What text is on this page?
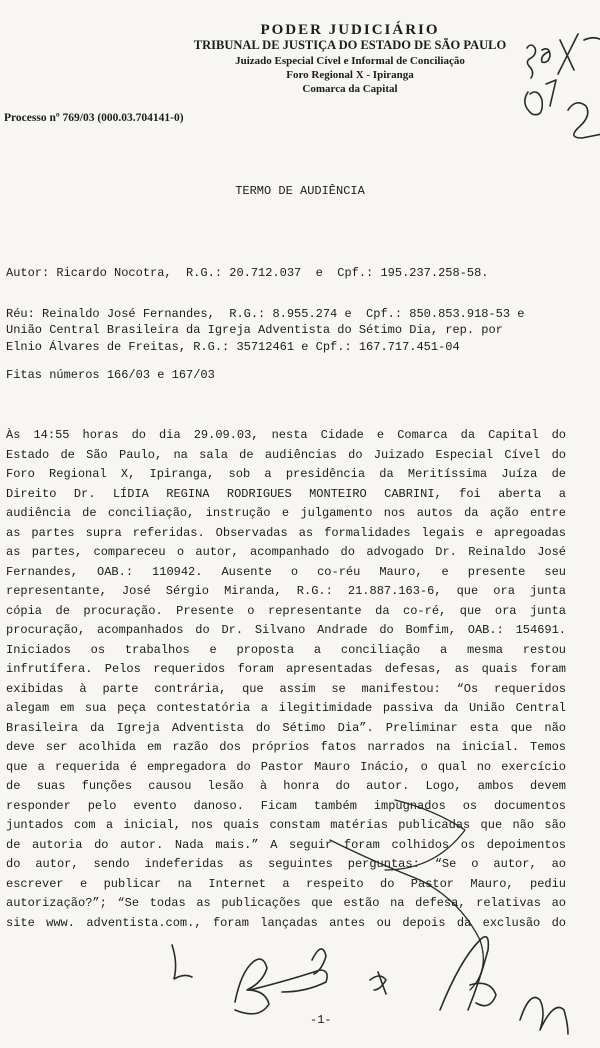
PODER JUDICIÁRIO
TRIBUNAL DE JUSTIÇA DO ESTADO DE SÃO PAULO
Juizado Especial Cível e Informal de Conciliação
Foro Regional X - Ipiranga
Comarca da Capital
Processo nº 769/03 (000.03.704141-0)
TERMO DE AUDIÊNCIA
Autor: Ricardo Nocotra,  R.G.: 20.712.037  e  Cpf.: 195.237.258-58.
Réu: Reinaldo José Fernandes,  R.G.: 8.955.274 e  Cpf.: 850.853.918-53 e
União Central Brasileira da Igreja Adventista do Sétimo Dia, rep. por
Elnio Álvares de Freitas, R.G.: 35712461 e Cpf.: 167.717.451-04
Fitas números 166/03 e 167/03
Às 14:55 horas do dia 29.09.03, nesta Cidade e Comarca da Capital do
Estado de São Paulo, na sala de audiências do Juizado Especial Cível do
Foro Regional X, Ipiranga, sob a presidência da Meritíssima Juíza de
Direito Dr. LÍDIA REGINA RODRIGUES MONTEIRO CABRINI, foi aberta a
audiência de conciliação, instrução e julgamento nos autos da ação entre
as partes supra referidas. Observadas as formalidades legais e apregoadas
as partes, compareceu o autor, acompanhado do advogado Dr. Reinaldo José
Fernandes, OAB.: 110942. Ausente o co-réu Mauro, e presente seu
representante, José Sérgio Miranda, R.G.: 21.887.163-6, que ora junta
cópia de procuração. Presente o representante da co-ré, que ora junta
procuração, acompanhados do Dr. Silvano Andrade do Bomfim, OAB.: 154691.
Iniciados os trabalhos e proposta a conciliação a mesma restou
infrutífera. Pelos requeridos foram apresentadas defesas, as quais foram
exibidas à parte contrária, que assim se manifestou: “Os requeridos
alegam em sua peça contestatória a ilegitimidade passiva da União Central
Brasileira da Igreja Adventista do Sétimo Dia”. Preliminar esta que não
deve ser acolhida em razão dos próprios fatos narrados na inicial. Temos
que a requerida é empregadora do Pastor Mauro Inácio, o qual no exercício
de suas funções causou lesão à honra do autor. Logo, ambos devem
responder pelo evento danoso. Ficam também impugnados os documentos
juntados com a inicial, nos quais constam matérias publicadas que não são
de autoria do autor. Nada mais.” A seguir foram colhidos os depoimentos
do autor, sendo indeferidas as seguintes perguntas: “Se o autor, ao
escrever e publicar na Internet a respeito do Pastor Mauro, pediu
autorização?”; “Se todas as publicações que estão na defesa, relativas ao
site www. adventista.com., foram lançadas antes ou depois da exclusão do
-1-
